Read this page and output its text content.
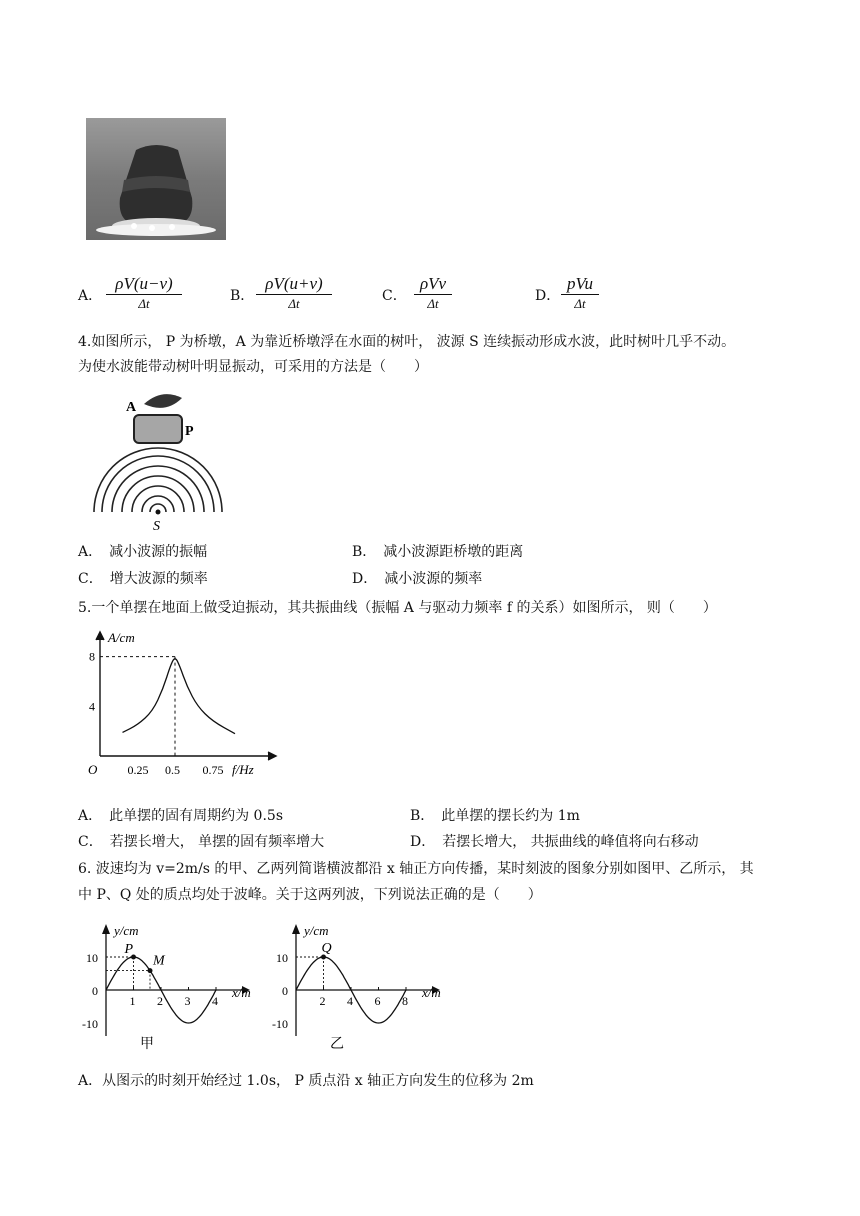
A．
ρV(u−v)
Δt	B．
ρV(u+v)
Δt	C．
ρVv
Δt	D．
pVu
Δt
4.如图所示， P 为桥墩，A 为靠近桥墩浮在水面的树叶， 波源 S 连续振动形成水波，此时树叶几乎不动。
为使水波能带动树叶明显振动，可采用的方法是（　　）
A
P
S
A．　减小波源的振幅	B．　减小波源距桥墩的距离
C．　增大波源的频率	D．　减小波源的频率
5.一个单摆在地面上做受迫振动，其共振曲线（振幅 A 与驱动力频率 f 的关系）如图所示， 则（　　）
A/cm
f/Hz
O	0.25 0.5 0.75
4
8
A．　此单摆的固有周期约为 0.5s	B．　此单摆的摆长约为 1m
C．　若摆长增大， 单摆的固有频率增大	D．　若摆长增大， 共振曲线的峰值将向右移动
6. 波速均为 v=2m/s 的甲、乙两列简谐横波都沿 x 轴正方向传播，某时刻波的图象分别如图甲、乙所示， 其
中 P、Q 处的质点均处于波峰。关于这两列波，下列说法正确的是（　　）
y/cm
x/m
10
0
-10
1 2 3 4
P
M
甲
y/cm
x/m
10
0
-10
2 4 6 8
Q
乙
A．从图示的时刻开始经过 1.0s， P 质点沿 x 轴正方向发生的位移为 2m
